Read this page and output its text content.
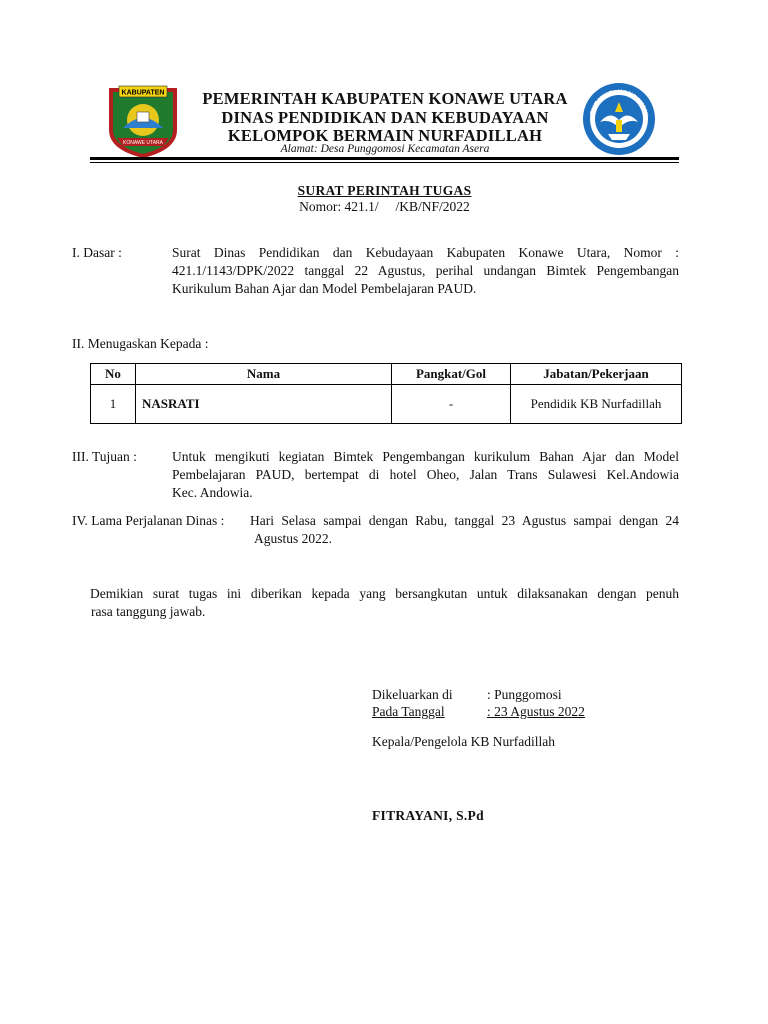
KABUPATEN
KONAWE UTARA
PEMERINTAH KABUPATEN KONAWE UTARA
DINAS PENDIDIKAN DAN KEBUDAYAAN
KELOMPOK BERMAIN NURFADILLAH
Alamat: Desa Punggomosi Kecamatan Asera
TUT WURI HANDAYANI
SURAT PERINTAH TUGAS
Nomor: 421.1/     /KB/NF/2022
I. Dasar :	Surat Dinas Pendidikan dan Kebudayaan Kabupaten Konawe Utara, Nomor :
421.1/1143/DPK/2022 tanggal 22 Agustus, perihal undangan Bimtek Pengembangan
Kurikulum Bahan Ajar dan Model Pembelajaran PAUD.
II. Menugaskan Kepada :
No	Nama	Pangkat/Gol	Jabatan/Pekerjaan
1	NASRATI	-	Pendidik KB Nurfadillah
III. Tujuan :	Untuk mengikuti kegiatan Bimtek Pengembangan kurikulum Bahan Ajar dan Model
Pembelajaran PAUD, bertempat di hotel Oheo, Jalan Trans Sulawesi Kel.Andowia
Kec. Andowia.
IV. Lama Perjalanan Dinas : Hari Selasa sampai dengan Rabu, tanggal 23 Agustus sampai dengan 24
Agustus 2022.
Demikian surat tugas ini diberikan kepada yang bersangkutan untuk dilaksanakan dengan penuh
rasa tanggung jawab.
Dikeluarkan di	: Punggomosi
Pada Tanggal	: 23 Agustus 2022
Kepala/Pengelola KB Nurfadillah
FITRAYANI, S.Pd
